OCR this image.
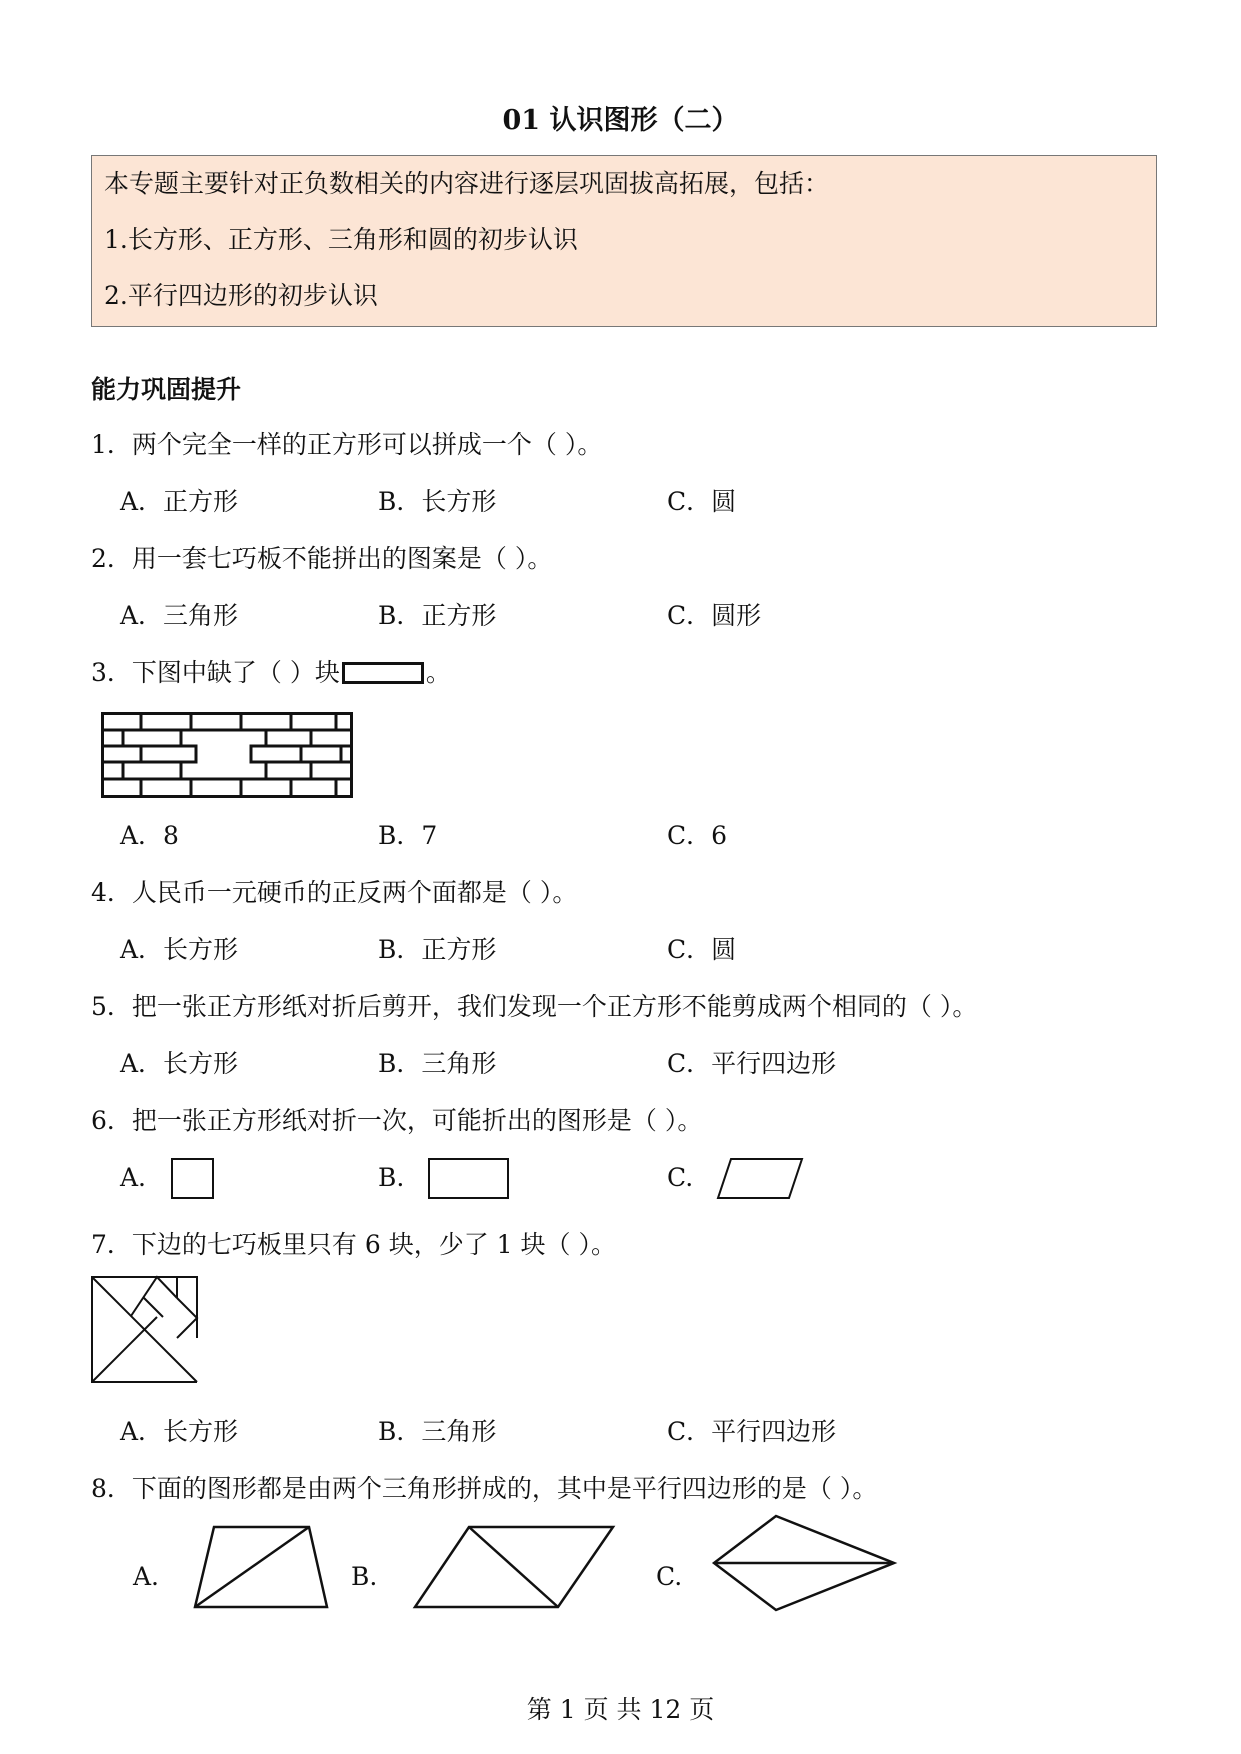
01 认识图形（二）
本专题主要针对正负数相关的内容进行逐层巩固拔高拓展，包括：
1.长方形、正方形、三角形和圆的初步认识
2.平行四边形的初步认识
能力巩固提升
1．两个完全一样的正方形可以拼成一个（ ）。
A．正方形	B．长方形	C．圆
2．用一套七巧板不能拼出的图案是（ ）。
A．三角形	B．正方形	C．圆形
3．下图中缺了（ ）块	。
A．8	B．7	C．6
4．人民币一元硬币的正反两个面都是（ ）。
A．长方形	B．正方形	C．圆
5．把一张正方形纸对折后剪开，我们发现一个正方形不能剪成两个相同的（ ）。
A．长方形	B．三角形	C．平行四边形
6．把一张正方形纸对折一次，可能折出的图形是（ ）。
A.	B.	C.
7．下边的七巧板里只有 6 块，少了 1 块（ ）。
A．长方形	B．三角形	C．平行四边形
8．下面的图形都是由两个三角形拼成的，其中是平行四边形的是（ ）。
A.	B.	C.
第 1 页 共 12 页
